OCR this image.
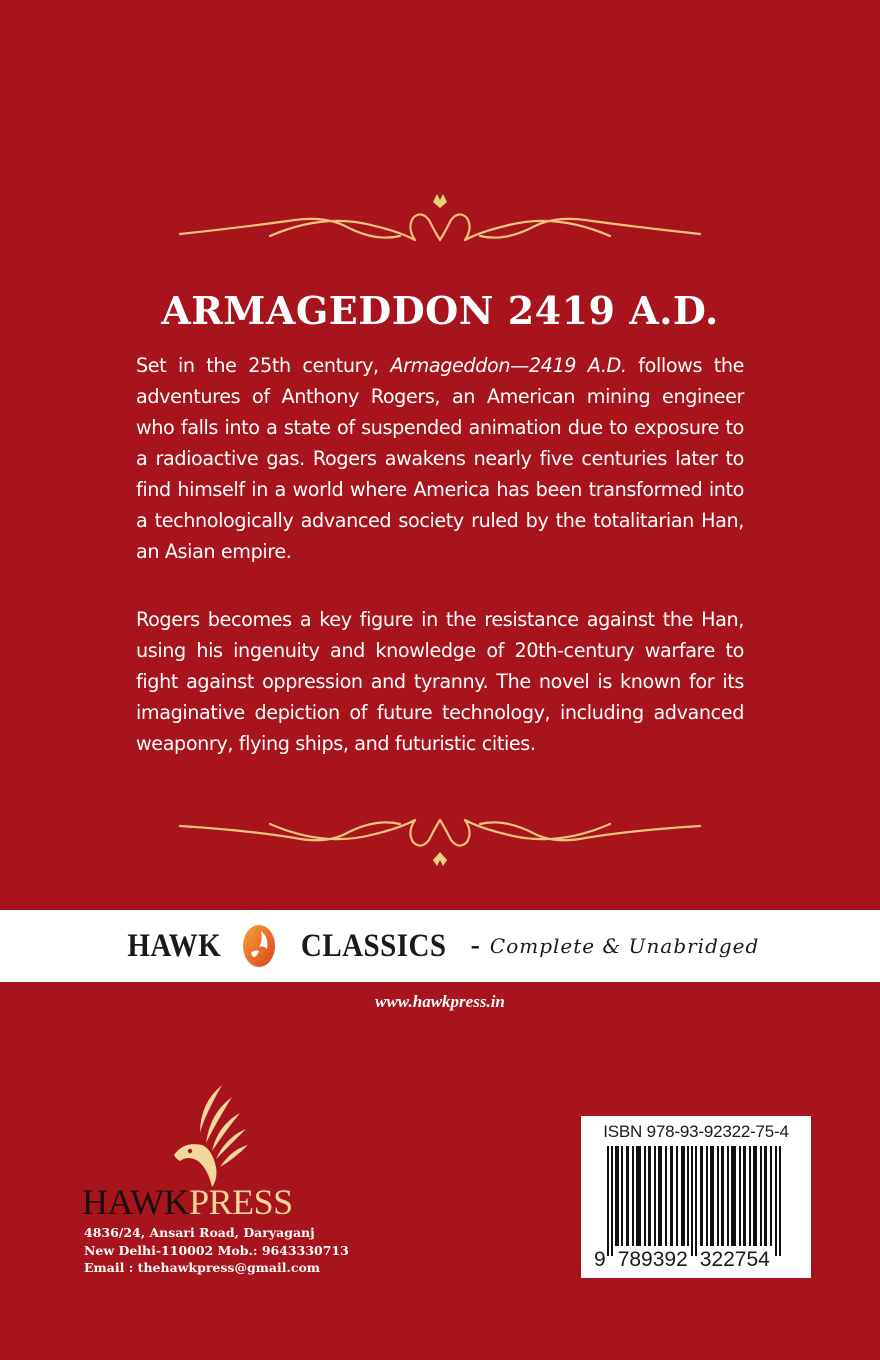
ARMAGEDDON 2419 A.D.

Set in the 25th century, Armageddon—2419 A.D. follows the adventures of Anthony Rogers, an American mining engineer who falls into a state of suspended animation due to exposure to a radioactive gas. Rogers awakens nearly five centuries later to find himself in a world where America has been transformed into a technologically advanced society ruled by the totalitarian Han, an Asian empire.

Rogers becomes a key figure in the resistance against the Han, using his ingenuity and knowledge of 20th-century warfare to fight against oppression and tyranny. The novel is known for its imaginative depiction of future technology, including advanced weaponry, flying ships, and futuristic cities.

HAWK CLASSICS - Complete & Unabridged
www.hawkpress.in
HAWKPRESS
4836/24, Ansari Road, Daryaganj
New Delhi-110002 Mob.: 9643330713
Email : thehawkpress@gmail.com
ISBN 978-93-92322-75-4
9 789392 322754
